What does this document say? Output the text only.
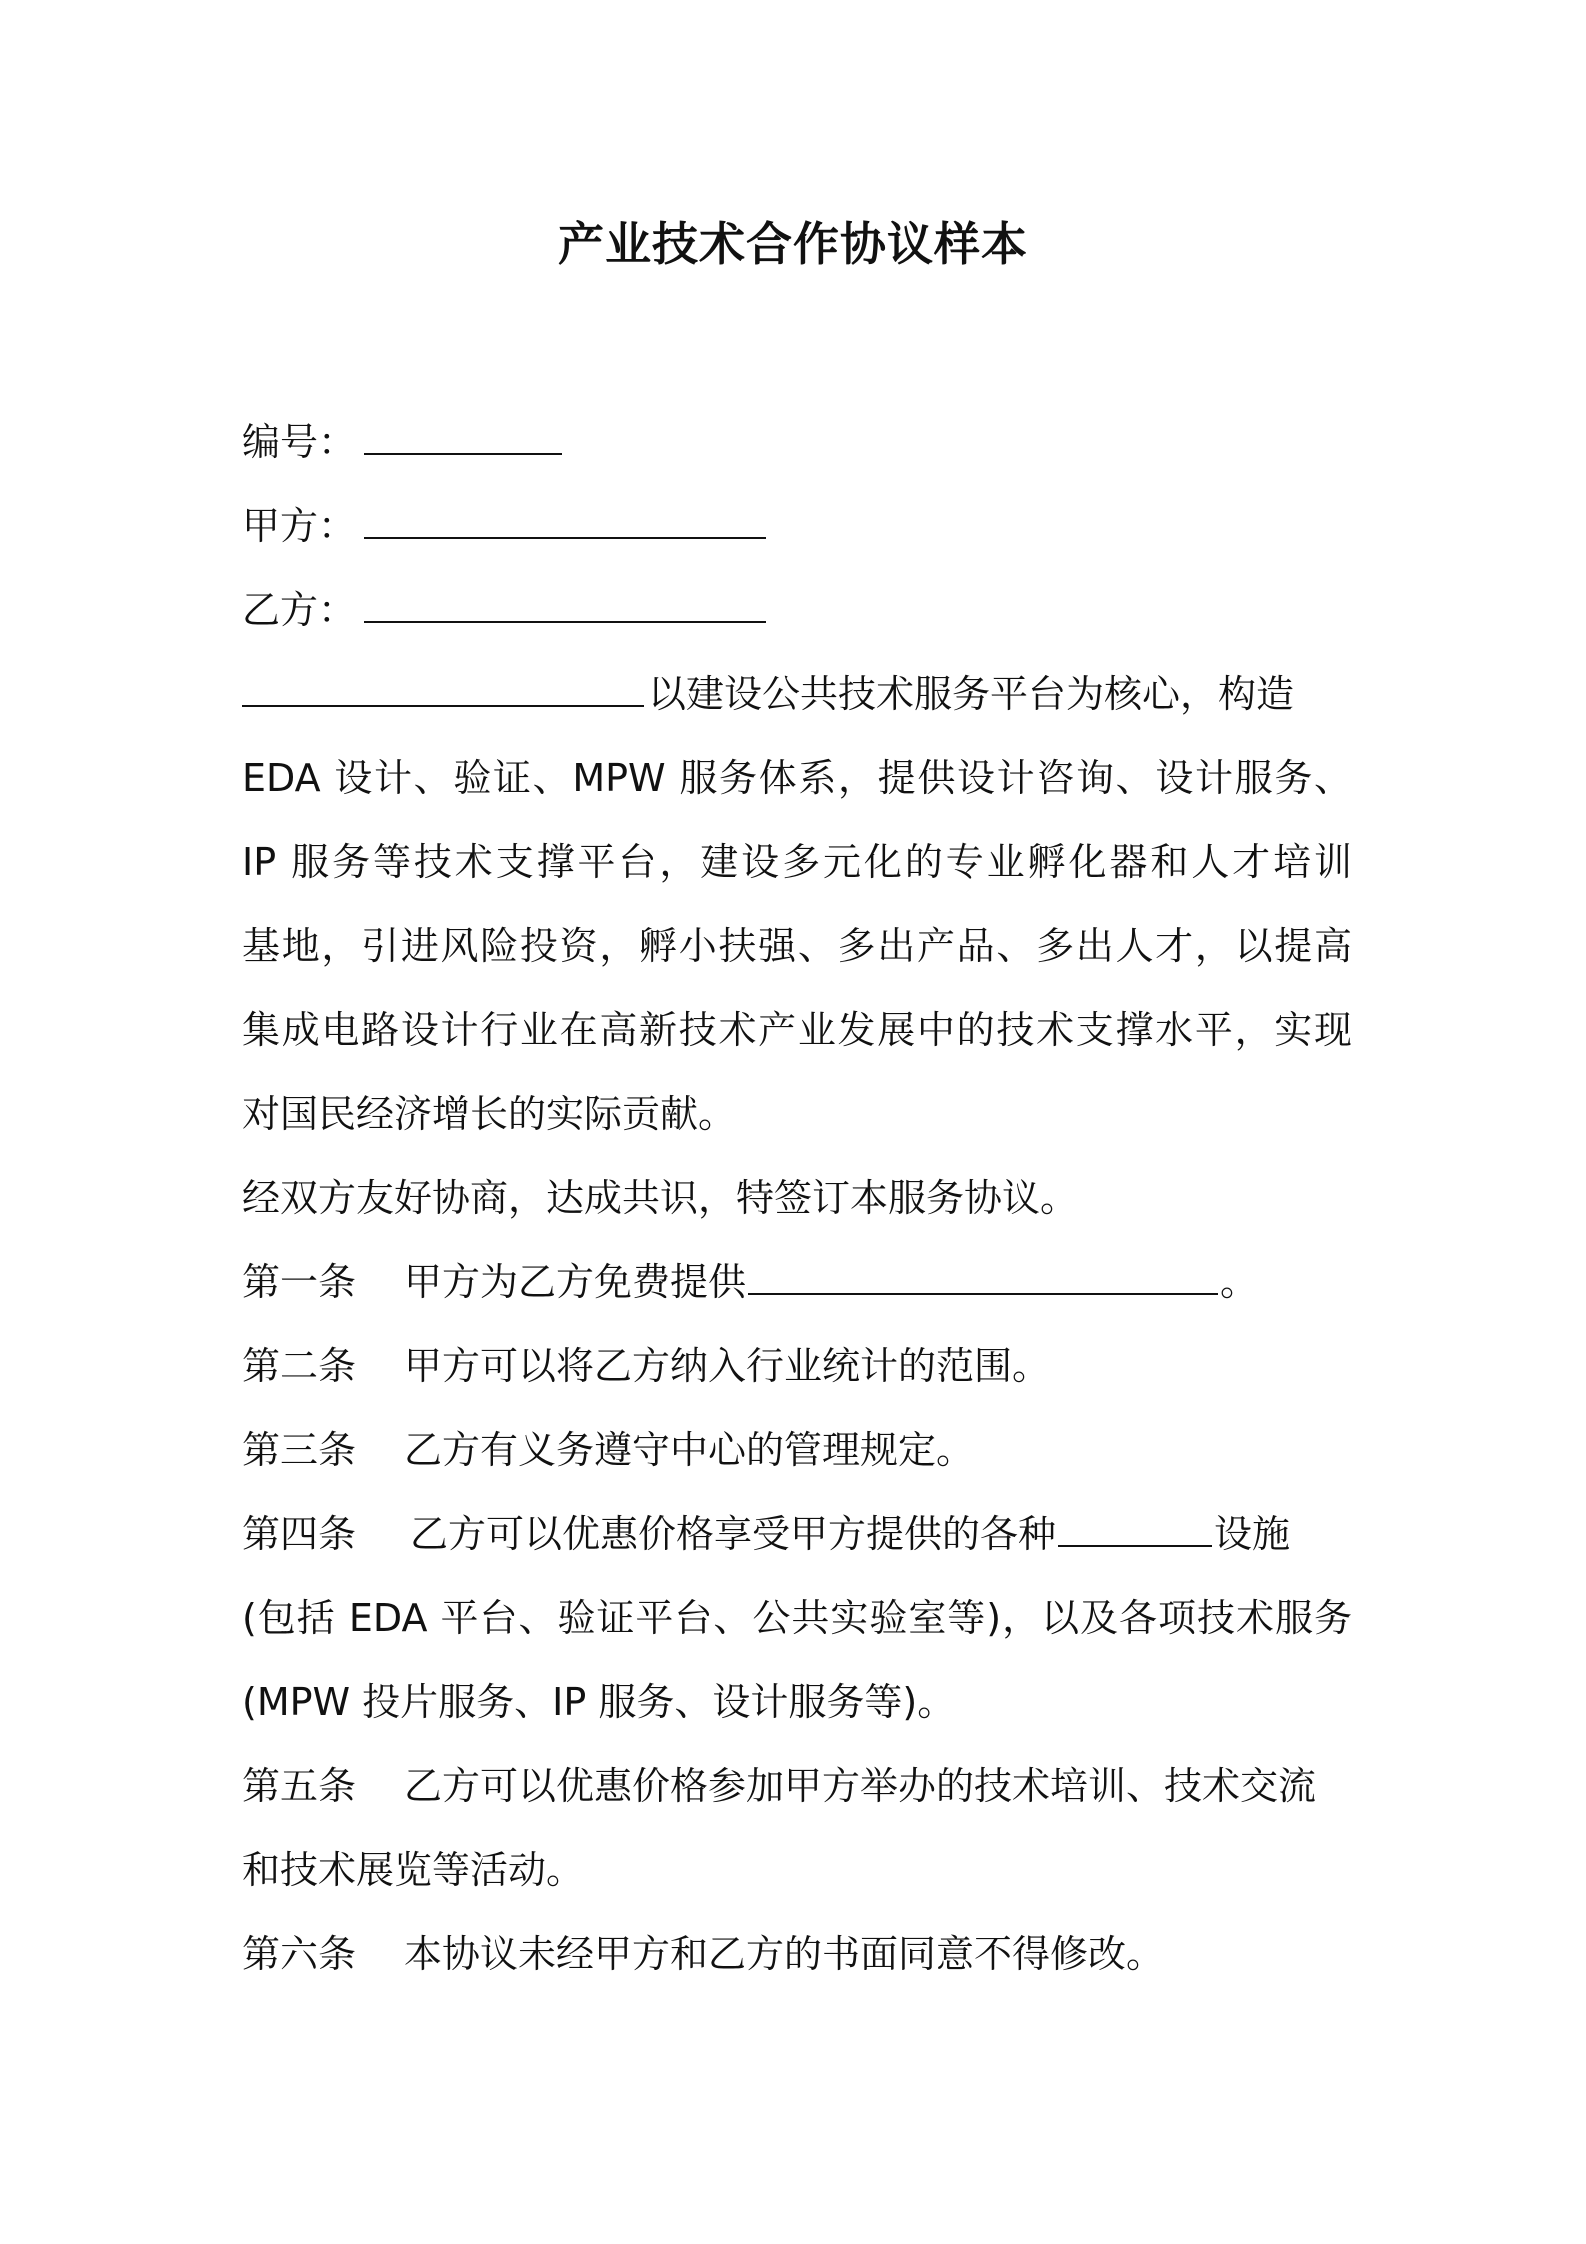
产业技术合作协议样本

编号：

甲方：

乙方：

以建设公共技术服务平台为核心，构造

EDA 设计、验证、MPW 服务体系，提供设计咨询、设计服务、

IP 服务等技术支撑平台，建设多元化的专业孵化器和人才培训

基地，引进风险投资，孵小扶强、多出产品、多出人才，以提高

集成电路设计行业在高新技术产业发展中的技术支撑水平，实现

对国民经济增长的实际贡献。

经双方友好协商，达成共识，特签订本服务协议。

第一条 甲方为乙方免费提供	。

第二条 甲方可以将乙方纳入行业统计的范围。

第三条 乙方有义务遵守中心的管理规定。

第四条 乙方可以优惠价格享受甲方提供的各种	设施

(包括 EDA 平台、验证平台、公共实验室等)，以及各项技术服务

(MPW 投片服务、IP 服务、设计服务等)。

第五条 乙方可以优惠价格参加甲方举办的技术培训、技术交流

和技术展览等活动。

第六条 本协议未经甲方和乙方的书面同意不得修改。
